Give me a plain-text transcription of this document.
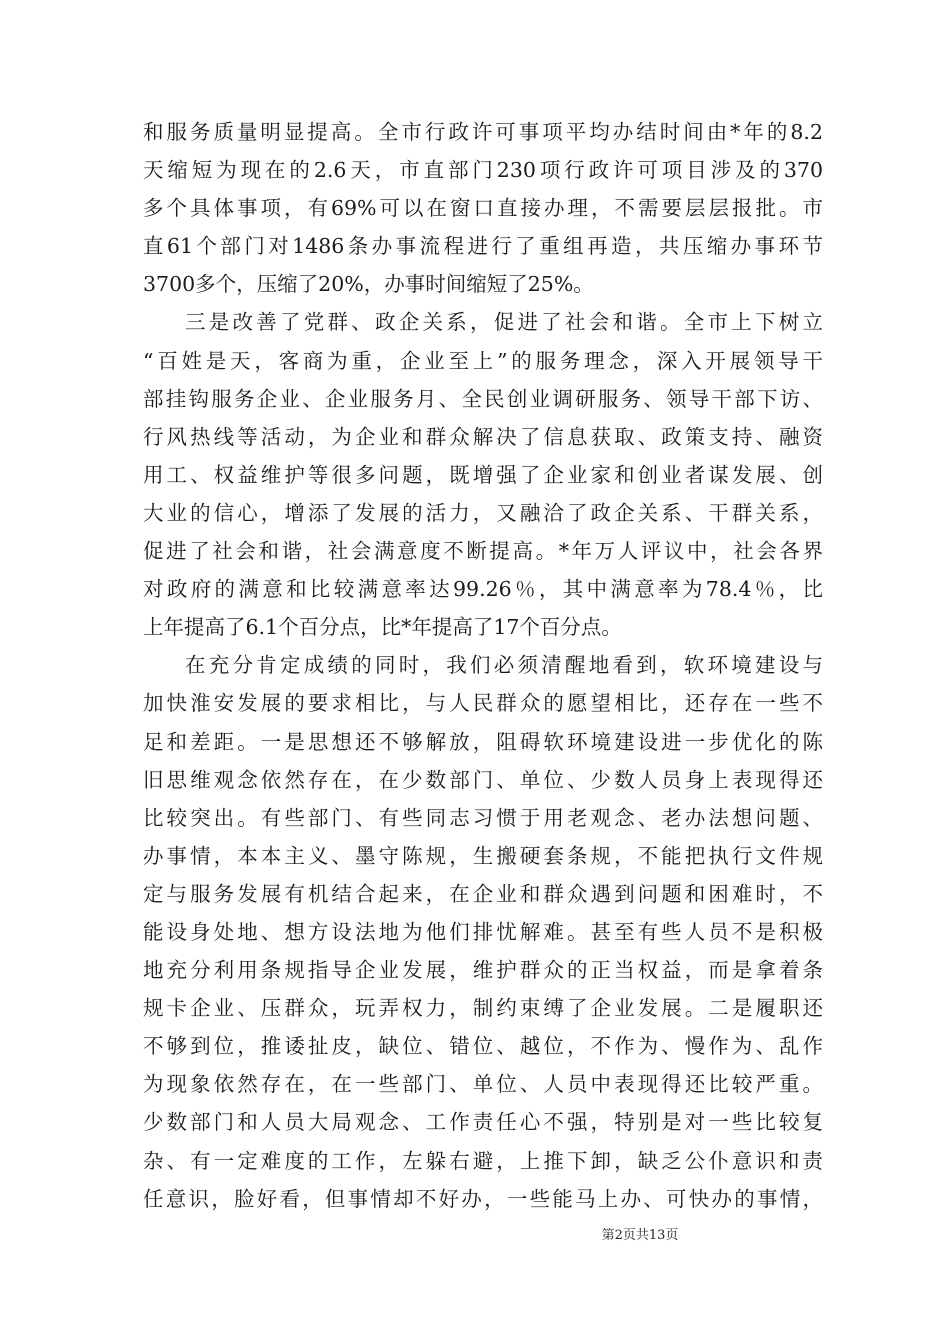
和服务质量明显提高。全市行政许可事项平均办结时间由*年的8.2
天缩短为现在的2.6天，市直部门230项行政许可项目涉及的370
多个具体事项，有69%可以在窗口直接办理，不需要层层报批。市
直61个部门对1486条办事流程进行了重组再造，共压缩办事环节
3700多个，压缩了20%，办事时间缩短了25%。
三是改善了党群、政企关系，促进了社会和谐。全市上下树立
“百姓是天，客商为重，企业至上”的服务理念，深入开展领导干
部挂钩服务企业、企业服务月、全民创业调研服务、领导干部下访、
行风热线等活动，为企业和群众解决了信息获取、政策支持、融资
用工、权益维护等很多问题，既增强了企业家和创业者谋发展、创
大业的信心，增添了发展的活力，又融洽了政企关系、干群关系，
促进了社会和谐，社会满意度不断提高。*年万人评议中，社会各界
对政府的满意和比较满意率达99.26％，其中满意率为78.4％，比
上年提高了6.1个百分点，比*年提高了17个百分点。
在充分肯定成绩的同时，我们必须清醒地看到，软环境建设与
加快淮安发展的要求相比，与人民群众的愿望相比，还存在一些不
足和差距。一是思想还不够解放，阻碍软环境建设进一步优化的陈
旧思维观念依然存在，在少数部门、单位、少数人员身上表现得还
比较突出。有些部门、有些同志习惯于用老观念、老办法想问题、
办事情，本本主义、墨守陈规，生搬硬套条规，不能把执行文件规
定与服务发展有机结合起来，在企业和群众遇到问题和困难时，不
能设身处地、想方设法地为他们排忧解难。甚至有些人员不是积极
地充分利用条规指导企业发展，维护群众的正当权益，而是拿着条
规卡企业、压群众，玩弄权力，制约束缚了企业发展。二是履职还
不够到位，推诿扯皮，缺位、错位、越位，不作为、慢作为、乱作
为现象依然存在，在一些部门、单位、人员中表现得还比较严重。
少数部门和人员大局观念、工作责任心不强，特别是对一些比较复
杂、有一定难度的工作，左躲右避，上推下卸，缺乏公仆意识和责
任意识，脸好看，但事情却不好办，一些能马上办、可快办的事情，
第2页共13页
